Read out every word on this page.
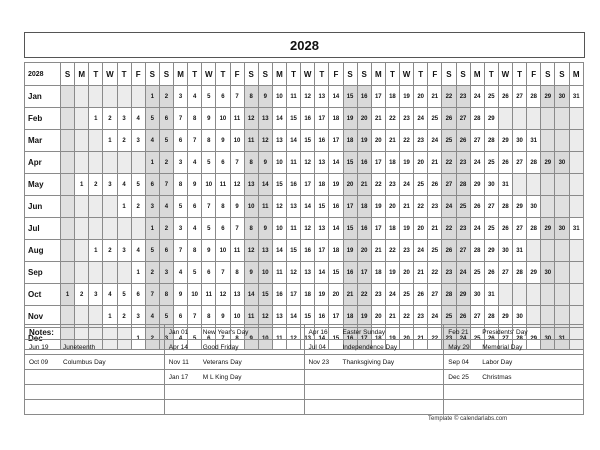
2028
2028	S	M	T	W	T	F	S	S	M	T	W	T	F	S	S	M	T	W	T	F	S	S	M	T	W	T	F	S	S	M	T	W	T	F	S	S	M
Jan							1	2	3	4	5	6	7	8	9	10	11	12	13	14	15	16	17	18	19	20	21	22	23	24	25	26	27	28	29	30	31
Feb			1	2	3	4	5	6	7	8	9	10	11	12	13	14	15	16	17	18	19	20	21	22	23	24	25	26	27	28	29						
Mar				1	2	3	4	5	6	7	8	9	10	11	12	13	14	15	16	17	18	19	20	21	22	23	24	25	26	27	28	29	30	31			
Apr							1	2	3	4	5	6	7	8	9	10	11	12	13	14	15	16	17	18	19	20	21	22	23	24	25	26	27	28	29	30	
May		1	2	3	4	5	6	7	8	9	10	11	12	13	14	15	16	17	18	19	20	21	22	23	24	25	26	27	28	29	30	31					
Jun					1	2	3	4	5	6	7	8	9	10	11	12	13	14	15	16	17	18	19	20	21	22	23	24	25	26	27	28	29	30			
Jul							1	2	3	4	5	6	7	8	9	10	11	12	13	14	15	16	17	18	19	20	21	22	23	24	25	26	27	28	29	30	31
Aug			1	2	3	4	5	6	7	8	9	10	11	12	13	14	15	16	17	18	19	20	21	22	23	24	25	26	27	28	29	30	31				
Sep						1	2	3	4	5	6	7	8	9	10	11	12	13	14	15	16	17	18	19	20	21	22	23	24	25	26	27	28	29	30		
Oct	1	2	3	4	5	6	7	8	9	10	11	12	13	14	15	16	17	18	19	20	21	22	23	24	25	26	27	28	29	30	31						
Nov				1	2	3	4	5	6	7	8	9	10	11	12	13	14	15	16	17	18	19	20	21	22	23	24	25	26	27	28	29	30				
Dec						1	2	3	4	5	6	7	8	9	10	11	12	13	14	15	16	17	18	19	20	21	22	23	24	25	26	27	28	29	30	31	
Notes:	Jan 01 New Year's Day	Apr 16 Easter Sunday	Feb 21 Presidents' Day
Jun 19 Juneteenth	Apr 14 Good Friday	Jul 04 Independence Day	May 29 Memorial Day
Oct 09 Columbus Day	Nov 11 Veterans Day	Nov 23 Thanksgiving Day	Sep 04 Labor Day
	Jan 17 M L King Day		Dec 25 Christmas

Template © calendarlabs.com
